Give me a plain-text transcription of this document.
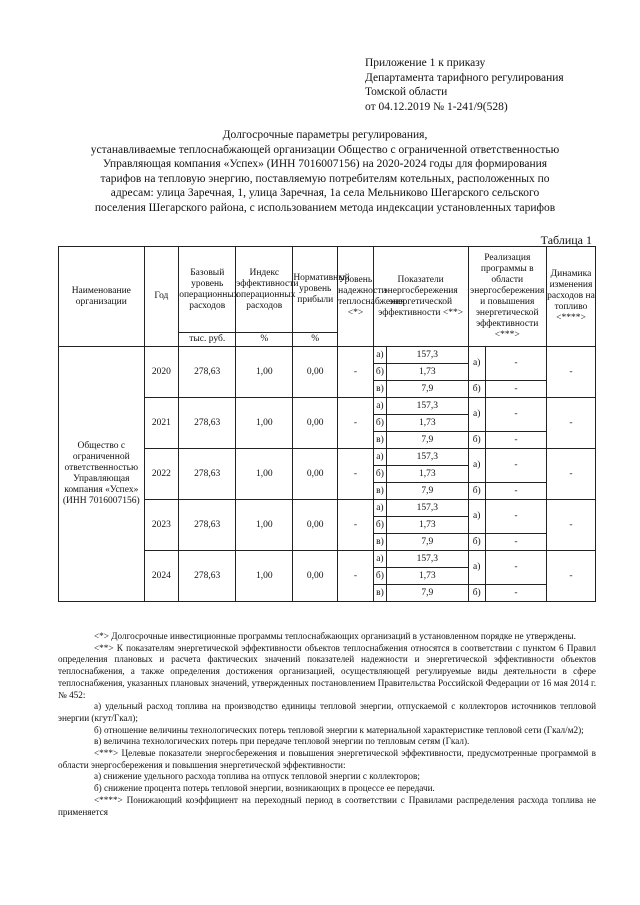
Приложение 1 к приказу
Департамента тарифного регулирования
Томской области
от 04.12.2019 № 1-241/9(528)
Долгосрочные параметры регулирования,
устанавливаемые теплоснабжающей организации Общество с ограниченной ответственностью
Управляющая компания «Успех» (ИНН 7016007156) на 2020-2024 годы для формирования
тарифов на тепловую энергию, поставляемую потребителям котельных, расположенных по
адресам: улица Заречная, 1, улица Заречная, 1а села Мельниково Шегарского сельского
поселения Шегарского района, с использованием метода индексации установленных тарифов
Таблица 1
Наименование организации	Год	Базовый уровень операционных расходов	Индекс эффективности операционных расходов	Нормативный уровень прибыли	Уровень надежности теплоснабжения <*>	Показатели энергосбережения энергетической эффективности <**>		Реализация программы в области энергосбережения и повышения энергетической эффективности <***>		Динамика изменения расходов на топливо <****>
		тыс. руб.	%	%						
Общество с ограниченной ответственностью Управляющая компания «Успех» (ИНН 7016007156)	2020	278,63	1,00	0,00	-	а)	157,3	а)	-	-
						б)	1,73			
						в)	7,9	б)	-	
	2021	278,63	1,00	0,00	-	а)	157,3	а)	-	-
						б)	1,73			
						в)	7,9	б)	-	
	2022	278,63	1,00	0,00	-	а)	157,3	а)	-	-
						б)	1,73			
						в)	7,9	б)	-	
	2023	278,63	1,00	0,00	-	а)	157,3	а)	-	-
						б)	1,73			
						в)	7,9	б)	-	
	2024	278,63	1,00	0,00	-	а)	157,3	а)	-	-
						б)	1,73			
						в)	7,9	б)	-	

<*> Долгосрочные инвестиционные программы теплоснабжающих организаций в установленном порядке не утверждены.

<**> К показателям энергетической эффективности объектов теплоснабжения относятся в соответствии с пунктом 6 Правил определения плановых и расчета фактических значений показателей надежности и энергетической эффективности объектов теплоснабжения, а также определения достижения организацией, осуществляющей регулируемые виды деятельности в сфере теплоснабжения, указанных плановых значений, утвержденных постановлением Правительства Российской Федерации от 16 мая 2014 г. № 452:

а) удельный расход топлива на производство единицы тепловой энергии, отпускаемой с коллекторов источников тепловой энергии (кгут/Гкал);

б) отношение величины технологических потерь тепловой энергии к материальной характеристике тепловой сети (Гкал/м2);

в) величина технологических потерь при передаче тепловой энергии по тепловым сетям (Гкал).

<***> Целевые показатели энергосбережения и повышения энергетической эффективности, предусмотренные программой в области энергосбережения и повышения энергетической эффективности:

а) снижение удельного расхода топлива на отпуск тепловой энергии с коллекторов;

б) снижение процента потерь тепловой энергии, возникающих в процессе ее передачи.

<****> Понижающий коэффициент на переходный период в соответствии с Правилами распределения расхода топлива не применяется
